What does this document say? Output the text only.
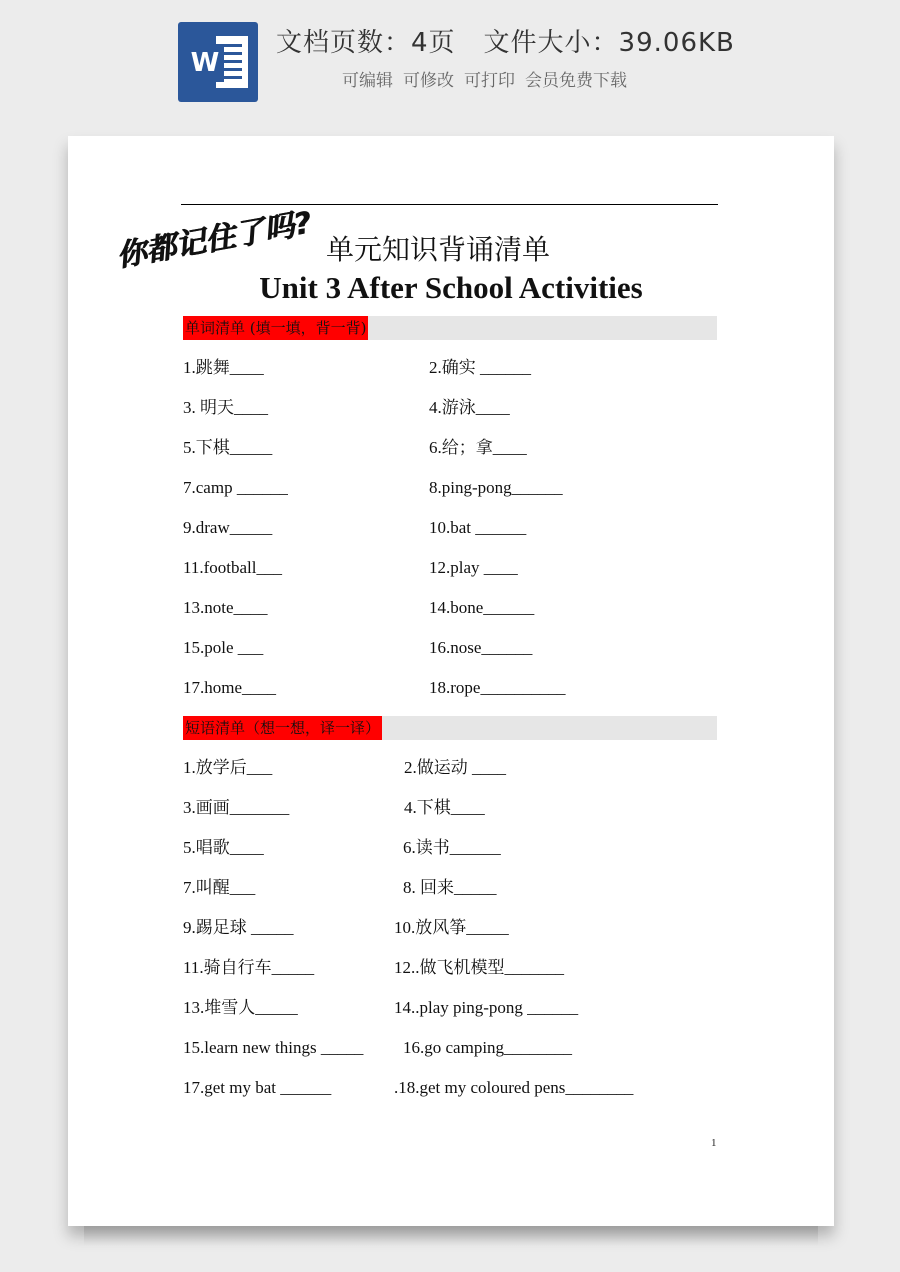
W
文档页数：4页 文件大小：39.06KB
可编辑 可修改 可打印 会员免费下载
你都记住了吗? 单元知识背诵清单
Unit 3 After School Activities
单词清单 (填一填，背一背)
1.跳舞____	2.确实 ______
3. 明天____	4.游泳____
5.下棋_____	6.给；拿____
7.camp ______	8.ping-pong______
9.draw_____	10.bat ______
11.football___	12.play ____
13.note____	14.bone______
15.pole ___	16.nose______
17.home____	18.rope__________
短语清单（想一想，译一译）
1.放学后___	2.做运动 ____
3.画画_______	4.下棋____
5.唱歌____	6.读书______
7.叫醒___	8. 回来_____
9.踢足球 _____	10.放风筝_____
11.骑自行车_____	12..做飞机模型_______
13.堆雪人_____	14..play ping-pong ______
15.learn new things _____ 16.go camping________
17.get my bat ______	.18.get my coloured pens________
1
